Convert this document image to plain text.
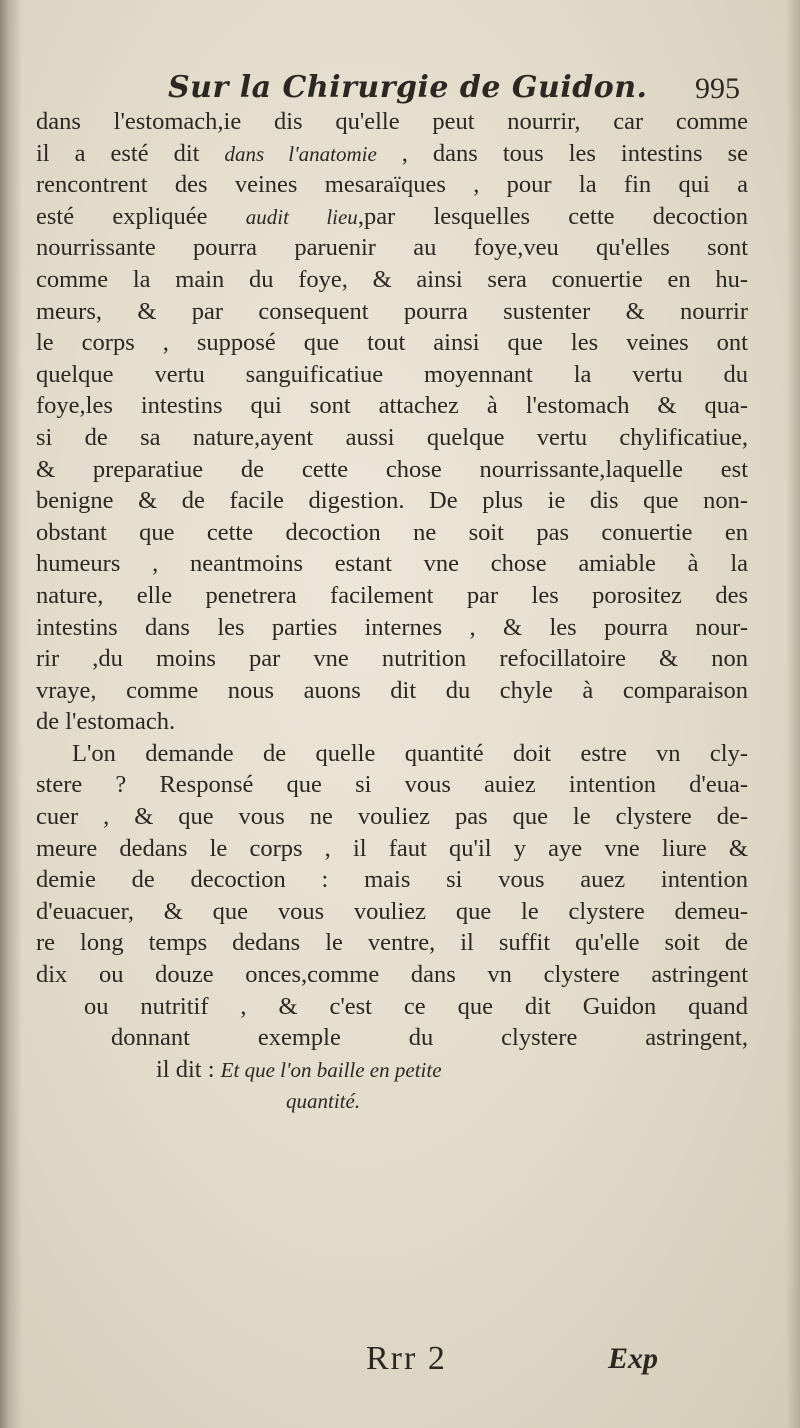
Sur la Chirurgie de Guidon. 995
dans l'estomach,ie dis qu'elle peut nourrir, car comme
il a esté dit dans l'anatomie , dans tous les intestins se
rencontrent des veines mesaraïques , pour la fin qui a
esté expliquée audit lieu,par lesquelles cette decoction
nourrissante pourra paruenir au foye,veu qu'elles sont
comme la main du foye, & ainsi sera conuertie en hu-
meurs, & par consequent pourra sustenter & nourrir
le corps , supposé que tout ainsi que les veines ont
quelque vertu sanguificatiue moyennant la vertu du
foye,les intestins qui sont attachez à l'estomach & qua-
si de sa nature,ayent aussi quelque vertu chylificatiue,
& preparatiue de cette chose nourrissante,laquelle est
benigne & de facile digestion. De plus ie dis que non-
obstant que cette decoction ne soit pas conuertie en
humeurs , neantmoins estant vne chose amiable à la
nature, elle penetrera facilement par les porositez des
intestins dans les parties internes , & les pourra nour-
rir ,du moins par vne nutrition refocillatoire & non
vraye, comme nous auons dit du chyle à comparaison
de l'estomach.
L'on demande de quelle quantité doit estre vn cly-
stere ? Responsé que si vous auiez intention d'eua-
cuer , & que vous ne vouliez pas que le clystere de-
meure dedans le corps , il faut qu'il y aye vne liure &
demie de decoction : mais si vous auez intention
d'euacuer, & que vous vouliez que le clystere demeu-
re long temps dedans le ventre, il suffit qu'elle soit de
dix ou douze onces,comme dans vn clystere astringent
ou nutritif , & c'est ce que dit Guidon quand
donnant exemple du clystere astringent,
il dit : Et que l'on baille en petite
quantité.
Rrr 2	Exp
